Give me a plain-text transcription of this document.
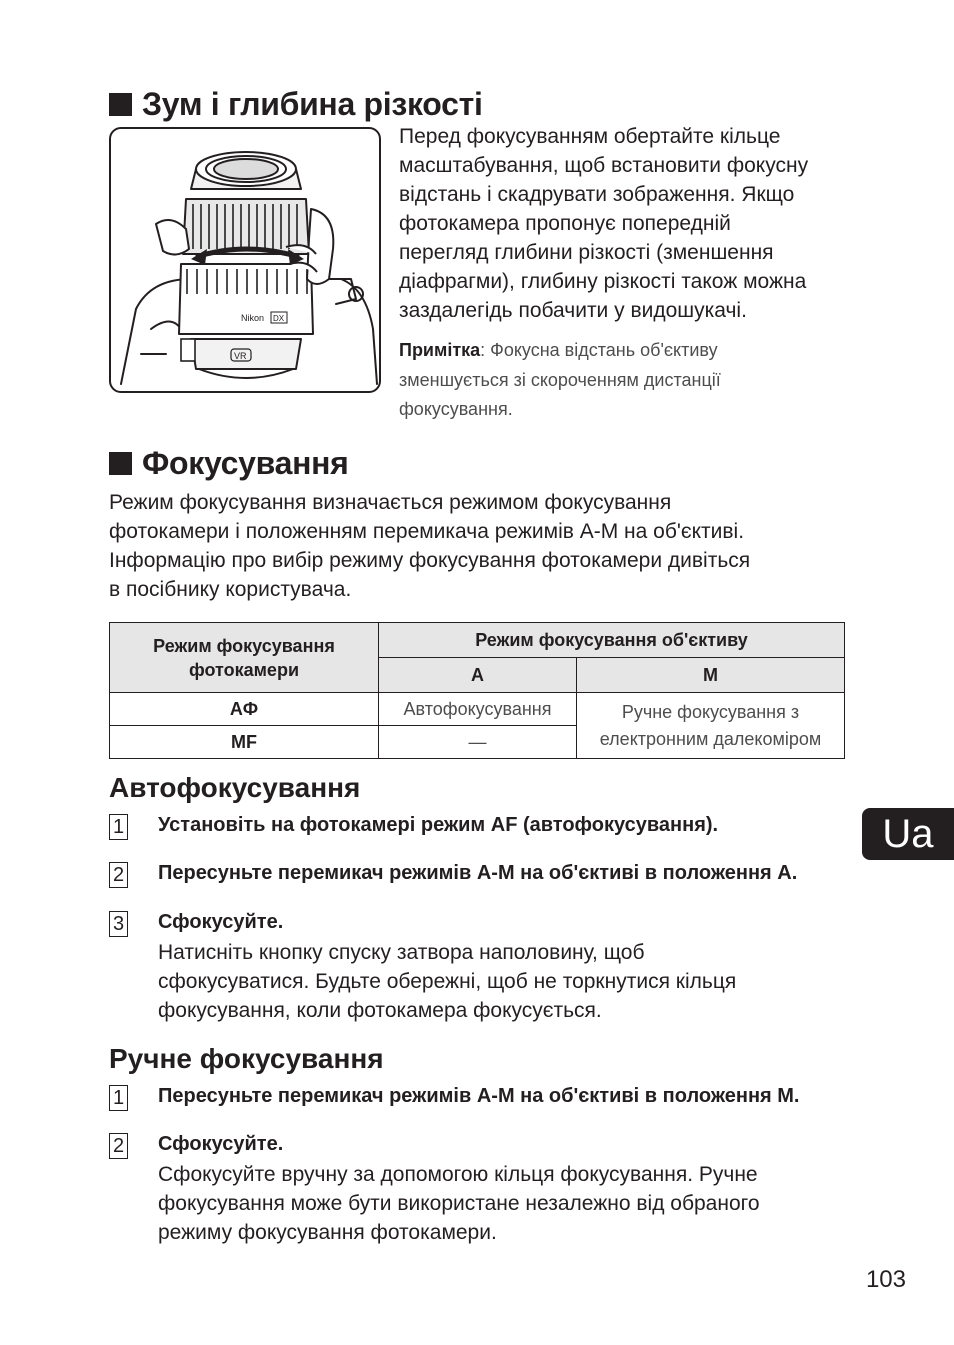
Зум і глибина різкості
Nikon DX
VR
Перед фокусуванням обертайте кільце
масштабування, щоб встановити фокусну
відстань і скадрувати зображення. Якщо
фотокамера пропонує попередній
перегляд глибини різкості (зменшення
діафрагми), глибину різкості також можна
заздалегідь побачити у видошукачі.
Примітка: Фокусна відстань об'єктиву
зменшується зі скороченням дистанції
фокусування.
Фокусування
Режим фокусування визначається режимом фокусування
фотокамери і положенням перемикача режимів A-M на об'єктиві.
Інформацію про вибір режиму фокусування фотокамери дивіться
в посібнику користувача.
Режим фокусування
фотокамери	Режим фокусування об'єктиву	
	A	M
AФ	Автофокусування	Ручне фокусування з
електронним далекоміром

MF	—	
Автофокусування
1 Установіть на фотокамері режим AF (автофокусування).
2 Пересуньте перемикач режимів A-M на об'єктиві в положення A.
3 Сфокусуйте.
Натисніть кнопку спуску затвора наполовину, щоб
сфокусуватися. Будьте обережні, щоб не торкнутися кільця
фокусування, коли фотокамера фокусується.
Ручне фокусування
1 Пересуньте перемикач режимів A-M на об'єктиві в положення M.
2 Сфокусуйте.
Сфокусуйте вручну за допомогою кільця фокусування. Ручне
фокусування може бути використане незалежно від обраного
режиму фокусування фотокамери.
Ua
103
